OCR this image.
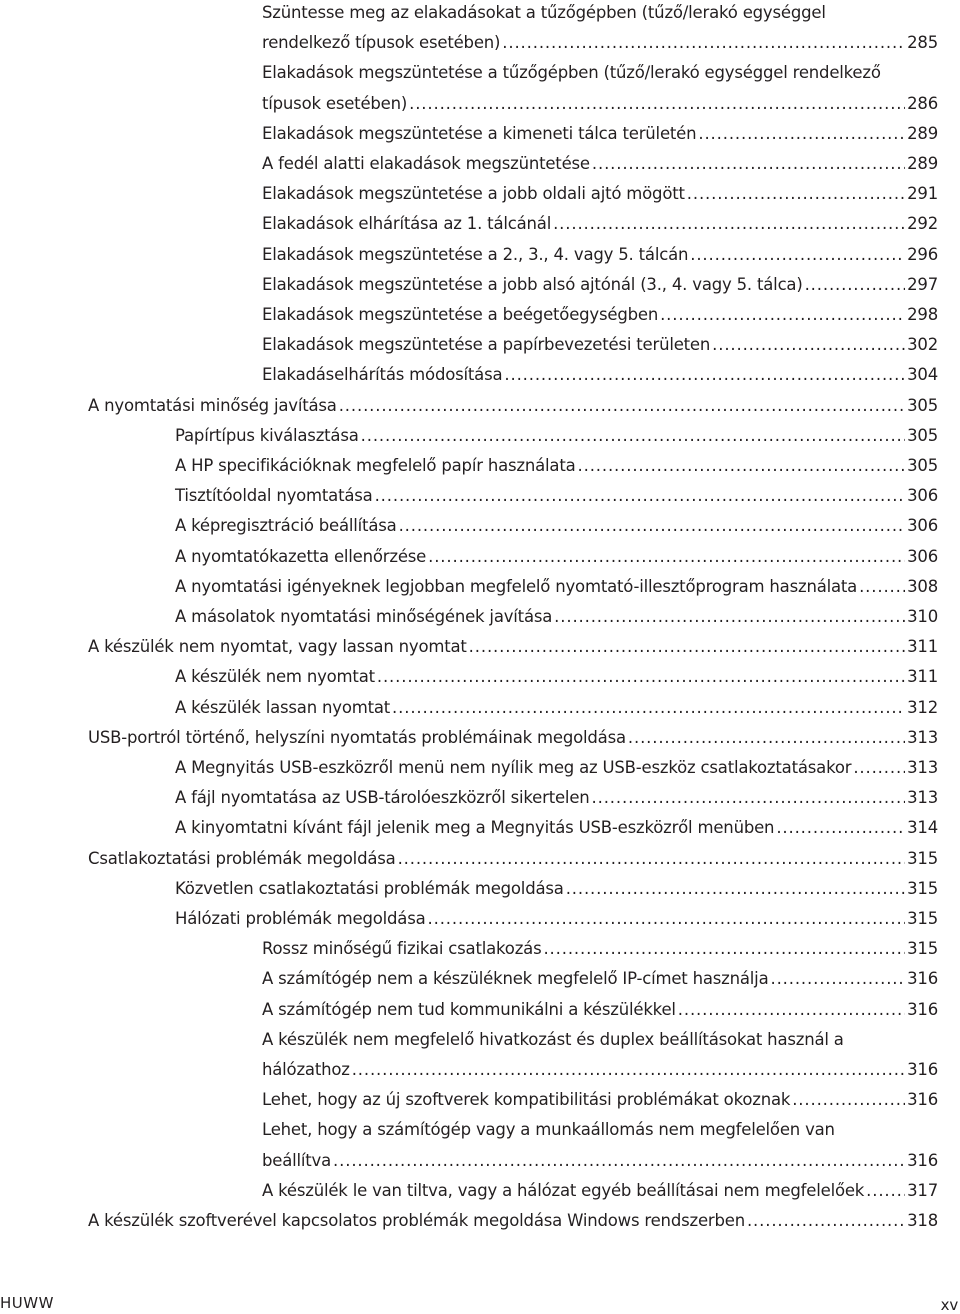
Szüntesse meg az elakadásokat a tűzőgépben (tűző/lerakó egységgel
rendelkező típusok esetében) . . .	285
Elakadások megszüntetése a tűzőgépben (tűző/lerakó egységgel rendelkező
típusok esetében) . . .	286
Elakadások megszüntetése a kimeneti tálca területén . . .	289
A fedél alatti elakadások megszüntetése . . .	289
Elakadások megszüntetése a jobb oldali ajtó mögött . . .	291
Elakadások elhárítása az 1. tálcánál . . .	292
Elakadások megszüntetése a 2., 3., 4. vagy 5. tálcán . . .	296
Elakadások megszüntetése a jobb alsó ajtónál (3., 4. vagy 5. tálca) . . .	297
Elakadások megszüntetése a beégetőegységben . . .	298
Elakadások megszüntetése a papírbevezetési területen . . .	302
Elakadáselhárítás módosítása . . .	304
A nyomtatási minőség javítása . . .	305
Papírtípus kiválasztása . . .	305
A HP specifikációknak megfelelő papír használata . . .	305
Tisztítóoldal nyomtatása . . .	306
A képregisztráció beállítása . . .	306
A nyomtatókazetta ellenőrzése . . .	306
A nyomtatási igényeknek legjobban megfelelő nyomtató-illesztőprogram használata . . .	308
A másolatok nyomtatási minőségének javítása . . .	310
A készülék nem nyomtat, vagy lassan nyomtat . . .	311
A készülék nem nyomtat . . .	311
A készülék lassan nyomtat . . .	312
USB-portról történő, helyszíni nyomtatás problémáinak megoldása . . .	313
A Megnyitás USB-eszközről menü nem nyílik meg az USB-eszköz csatlakoztatásakor . . .	313
A fájl nyomtatása az USB-tárolóeszközről sikertelen . . .	313
A kinyomtatni kívánt fájl jelenik meg a Megnyitás USB-eszközről menüben . . .	314
Csatlakoztatási problémák megoldása . . .	315
Közvetlen csatlakoztatási problémák megoldása . . .	315
Hálózati problémák megoldása . . .	315
Rossz minőségű fizikai csatlakozás . . .	315
A számítógép nem a készüléknek megfelelő IP-címet használja . . .	316
A számítógép nem tud kommunikálni a készülékkel . . .	316
A készülék nem megfelelő hivatkozást és duplex beállításokat használ a
hálózathoz . . .	316
Lehet, hogy az új szoftverek kompatibilitási problémákat okoznak . . .	316
Lehet, hogy a számítógép vagy a munkaállomás nem megfelelően van
beállítva . . .	316
A készülék le van tiltva, vagy a hálózat egyéb beállításai nem megfelelőek . . .	317
A készülék szoftverével kapcsolatos problémák megoldása Windows rendszerben . . .	318
HUWW	xv
